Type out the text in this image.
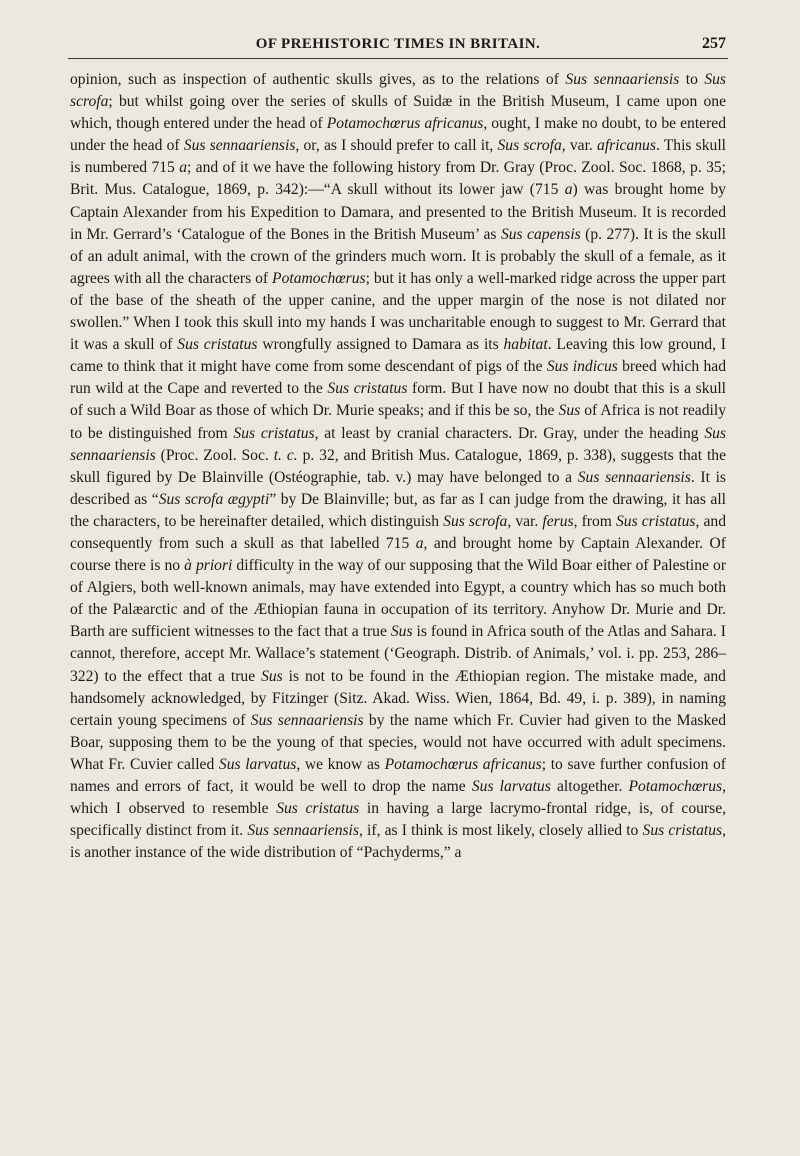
OF PREHISTORIC TIMES IN BRITAIN.	257

opinion, such as inspection of authentic skulls gives, as to the relations of Sus sennaariensis to Sus scrofa; but whilst going over the series of skulls of Suidæ in the British Museum, I came upon one which, though entered under the head of Potamochœrus africanus, ought, I make no doubt, to be entered under the head of Sus sennaariensis, or, as I should prefer to call it, Sus scrofa, var. africanus. This skull is numbered 715 a; and of it we have the following history from Dr. Gray (Proc. Zool. Soc. 1868, p. 35; Brit. Mus. Catalogue, 1869, p. 342):—“A skull without its lower jaw (715 a) was brought home by Captain Alexander from his Expedition to Damara, and presented to the British Museum. It is recorded in Mr. Gerrard’s ‘Catalogue of the Bones in the British Museum’ as Sus capensis (p. 277). It is the skull of an adult animal, with the crown of the grinders much worn. It is probably the skull of a female, as it agrees with all the characters of Potamochœrus; but it has only a well-marked ridge across the upper part of the base of the sheath of the upper canine, and the upper margin of the nose is not dilated nor swollen.” When I took this skull into my hands I was uncharitable enough to suggest to Mr. Gerrard that it was a skull of Sus cristatus wrongfully assigned to Damara as its habitat. Leaving this low ground, I came to think that it might have come from some descendant of pigs of the Sus indicus breed which had run wild at the Cape and reverted to the Sus cristatus form. But I have now no doubt that this is a skull of such a Wild Boar as those of which Dr. Murie speaks; and if this be so, the Sus of Africa is not readily to be distinguished from Sus cristatus, at least by cranial characters. Dr. Gray, under the heading Sus sennaariensis (Proc. Zool. Soc. t. c. p. 32, and British Mus. Catalogue, 1869, p. 338), suggests that the skull figured by De Blainville (Ostéographie, tab. v.) may have belonged to a Sus sennaariensis. It is described as “Sus scrofa ægypti” by De Blainville; but, as far as I can judge from the drawing, it has all the characters, to be hereinafter detailed, which distinguish Sus scrofa, var. ferus, from Sus cristatus, and consequently from such a skull as that labelled 715 a, and brought home by Captain Alexander. Of course there is no à priori difficulty in the way of our supposing that the Wild Boar either of Palestine or of Algiers, both well-known animals, may have extended into Egypt, a country which has so much both of the Palæarctic and of the Æthiopian fauna in occupation of its territory. Anyhow Dr. Murie and Dr. Barth are sufficient witnesses to the fact that a true Sus is found in Africa south of the Atlas and Sahara. I cannot, therefore, accept Mr. Wallace’s statement (‘Geograph. Distrib. of Animals,’ vol. i. pp. 253, 286–322) to the effect that a true Sus is not to be found in the Æthiopian region. The mistake made, and handsomely acknowledged, by Fitzinger (Sitz. Akad. Wiss. Wien, 1864, Bd. 49, i. p. 389), in naming certain young specimens of Sus sennaariensis by the name which Fr. Cuvier had given to the Masked Boar, supposing them to be the young of that species, would not have occurred with adult specimens. What Fr. Cuvier called Sus larvatus, we know as Potamochœrus africanus; to save further confusion of names and errors of fact, it would be well to drop the name Sus larvatus altogether. Potamochœrus, which I observed to resemble Sus cristatus in having a large lacrymo-frontal ridge, is, of course, specifically distinct from it. Sus sennaariensis, if, as I think is most likely, closely allied to Sus cristatus, is another instance of the wide distribution of “Pachyderms,” a
